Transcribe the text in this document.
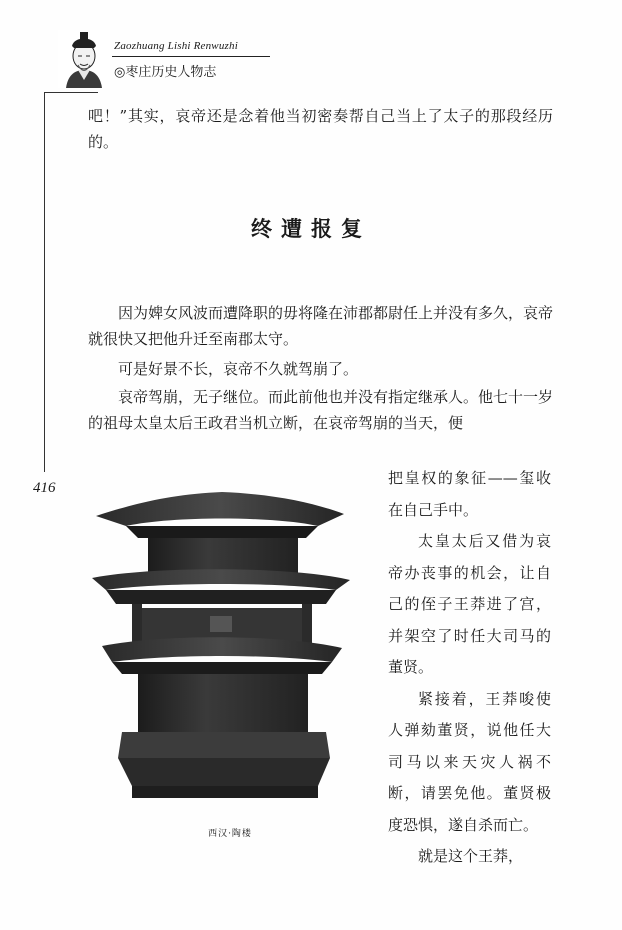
Zaozhuang Lishi Renwuzhi
◎枣庄历史人物志
416

吧！”其实，哀帝还是念着他当初密奏帮自己当上了太子的那段经历的。

终遭报复

因为婢女风波而遭降职的毋将隆在沛郡都尉任上并没有多久，哀帝就很快又把他升迁至南郡太守。

可是好景不长，哀帝不久就驾崩了。

哀帝驾崩，无子继位。而此前他也并没有指定继承人。他七十一岁的祖母太皇太后王政君当机立断，在哀帝驾崩的当天，便

把皇权的象征——玺收在自己手中。

太皇太后又借为哀帝办丧事的机会，让自己的侄子王莽进了宫，并架空了时任大司马的董贤。

紧接着，王莽唆使人弹劾董贤，说他任大司马以来天灾人祸不断，请罢免他。董贤极度恐惧，遂自杀而亡。

就是这个王莽，

西汉·陶楼
